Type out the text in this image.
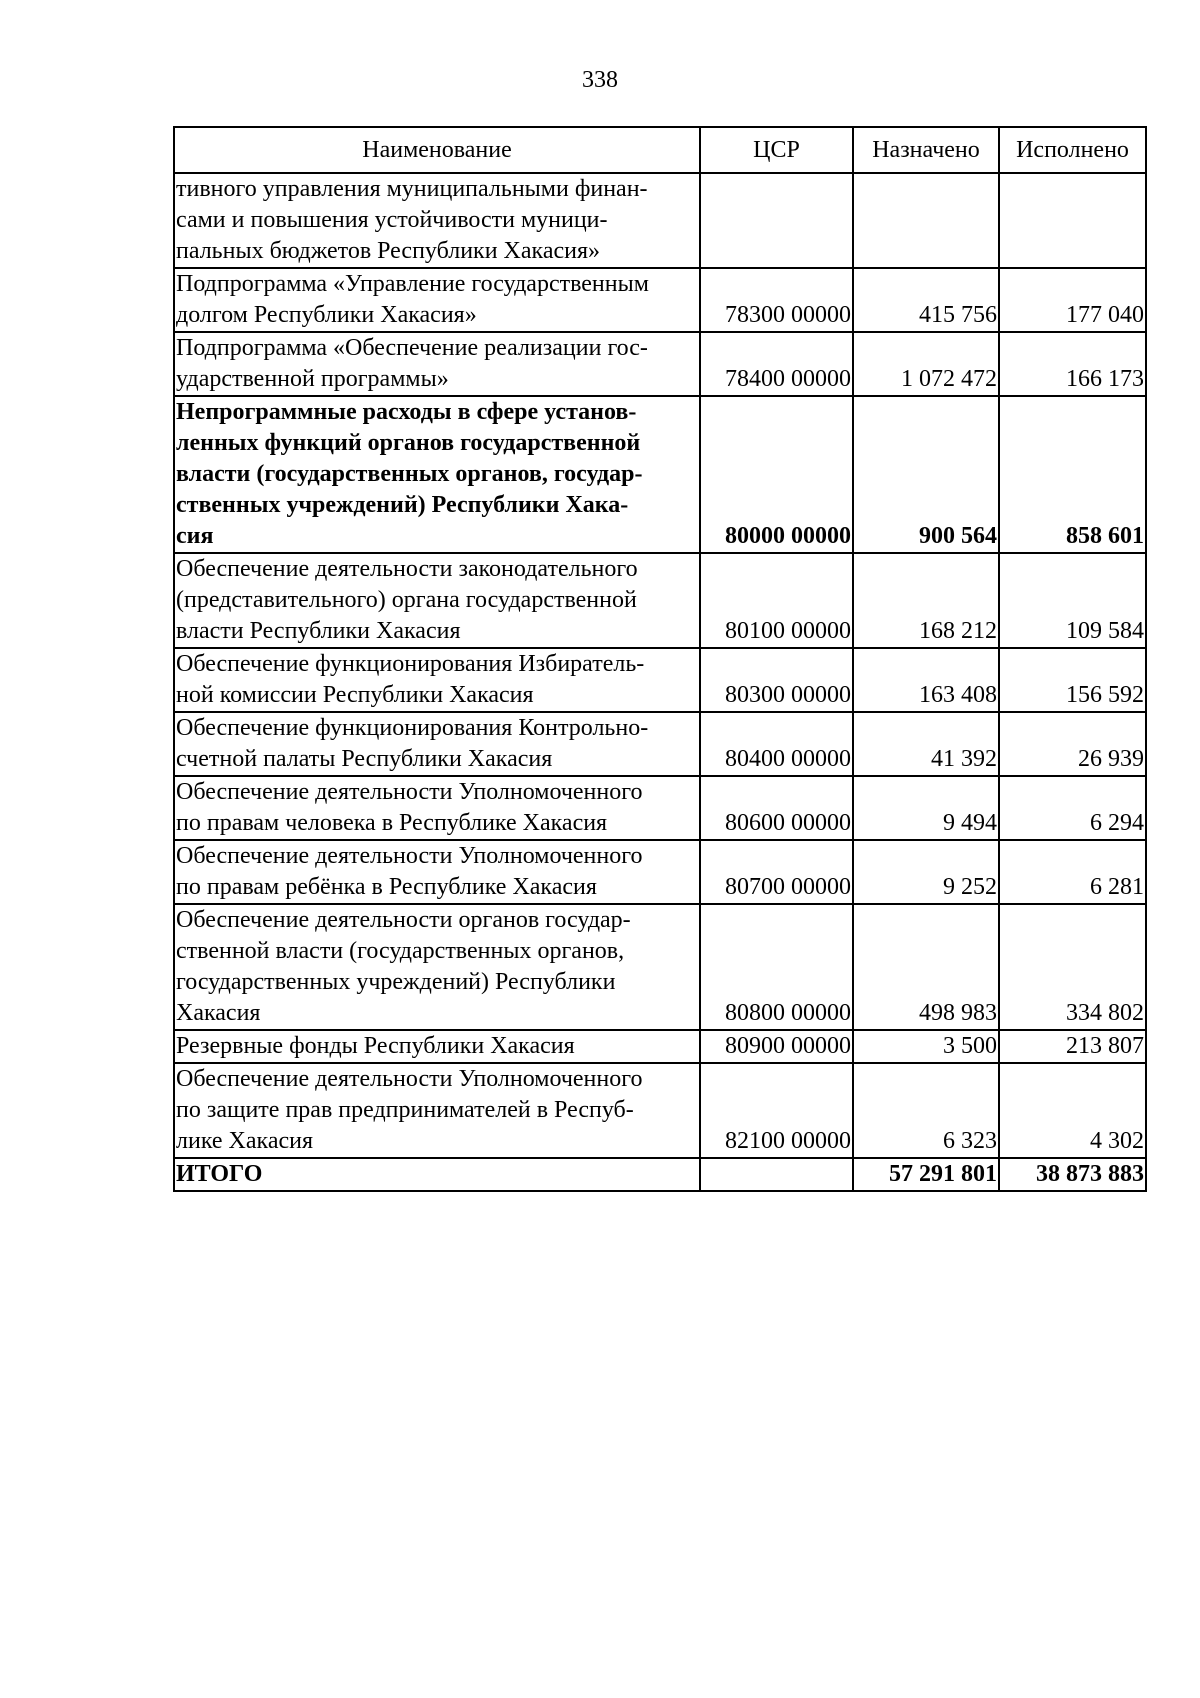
338
Наименование	ЦСР	Назначено	Исполнено
тивного управления муниципальными финан-
сами и повышения устойчивости муници-
пальных бюджетов Республики Хакасия»			
Подпрограмма «Управление государственным
долгом Республики Хакасия»	78300 00000	415 756	177 040
Подпрограмма «Обеспечение реализации гос-
ударственной программы»	78400 00000	1 072 472	166 173
Непрограммные расходы в сфере установ-
ленных функций органов государственной
власти (государственных органов, государ-
ственных учреждений) Республики Хака-
сия	80000 00000	900 564	858 601
Обеспечение деятельности законодательного
(представительного) органа государственной
власти Республики Хакасия	80100 00000	168 212	109 584
Обеспечение функционирования Избиратель-
ной комиссии Республики Хакасия	80300 00000	163 408	156 592
Обеспечение функционирования Контрольно-
счетной палаты Республики Хакасия	80400 00000	41 392	26 939
Обеспечение деятельности Уполномоченного
по правам человека в Республике Хакасия	80600 00000	9 494	6 294
Обеспечение деятельности Уполномоченного
по правам ребёнка в Республике Хакасия	80700 00000	9 252	6 281
Обеспечение деятельности органов государ-
ственной власти (государственных органов,
государственных учреждений) Республики
Хакасия	80800 00000	498 983	334 802
Резервные фонды Республики Хакасия	80900 00000	3 500	213 807
Обеспечение деятельности Уполномоченного
по защите прав предпринимателей в Респуб-
лике Хакасия	82100 00000	6 323	4 302
ИТОГО		57 291 801	38 873 883
